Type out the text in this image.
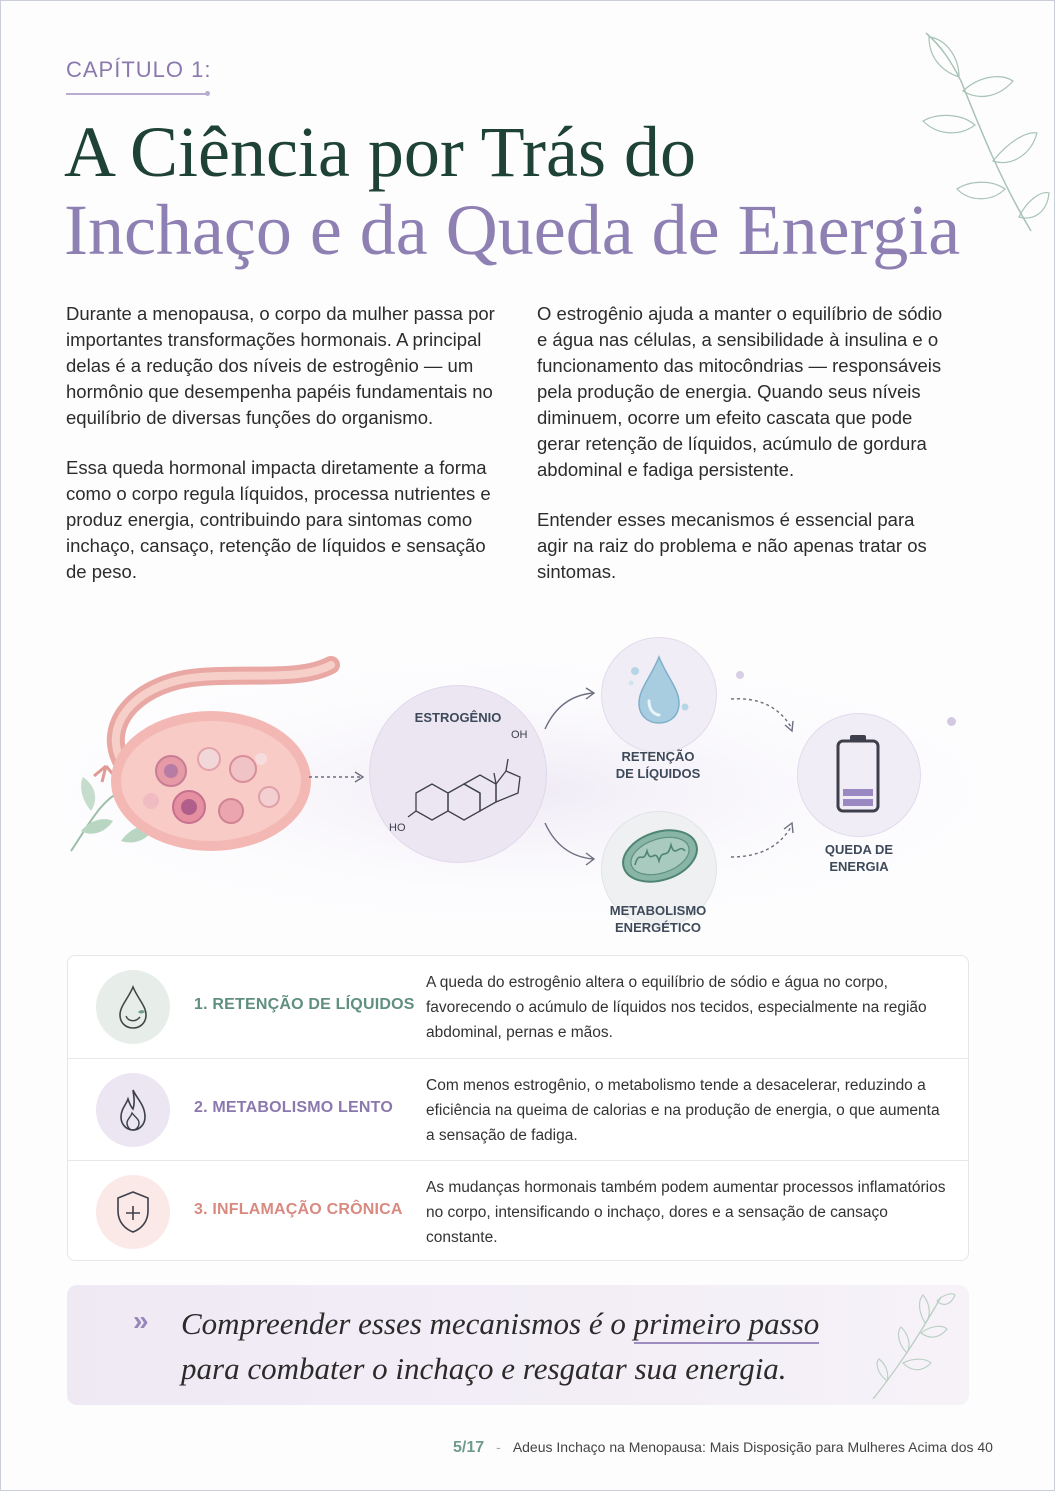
CAPÍTULO 1:
A Ciência por Trás do
Inchaço e da Queda de Energia

Durante a menopausa, o corpo da mulher passa por importantes transformações hormonais. A principal delas é a redução dos níveis de estrogênio — um hormônio que desempenha papéis fundamentais no equilíbrio de diversas funções do organismo.

Essa queda hormonal impacta diretamente a forma como o corpo regula líquidos, processa nutrientes e produz energia, contribuindo para sintomas como inchaço, cansaço, retenção de líquidos e sensação de peso.

O estrogênio ajuda a manter o equilíbrio de sódio e água nas células, a sensibilidade à insulina e o funcionamento das mitocôndrias — responsáveis pela produção de energia. Quando seus níveis diminuem, ocorre um efeito cascata que pode gerar retenção de líquidos, acúmulo de gordura abdominal e fadiga persistente.

Entender esses mecanismos é essencial para agir na raiz do problema e não apenas tratar os sintomas.

ESTROGÊNIO
OH
HO
RETENÇÃO
DE LÍQUIDOS
METABOLISMO
ENERGÉTICO
QUEDA DE
ENERGIA
1. RETENÇÃO DE LÍQUIDOS
A queda do estrogênio altera o equilíbrio de sódio e água no corpo, favorecendo o acúmulo de líquidos nos tecidos, especialmente na região abdominal, pernas e mãos.
2. METABOLISMO LENTO
Com menos estrogênio, o metabolismo tende a desacelerar, reduzindo a eficiência na queima de calorias e na produção de energia, o que aumenta a sensação de fadiga.
3. INFLAMAÇÃO CRÔNICA
As mudanças hormonais também podem aumentar processos inflamatórios no corpo, intensificando o inchaço, dores e a sensação de cansaço constante.
» Compreender esses mecanismos é o primeiro passo
para combater o inchaço e resgatar sua energia.
5/17 - Adeus Inchaço na Menopausa: Mais Disposição para Mulheres Acima dos 40
